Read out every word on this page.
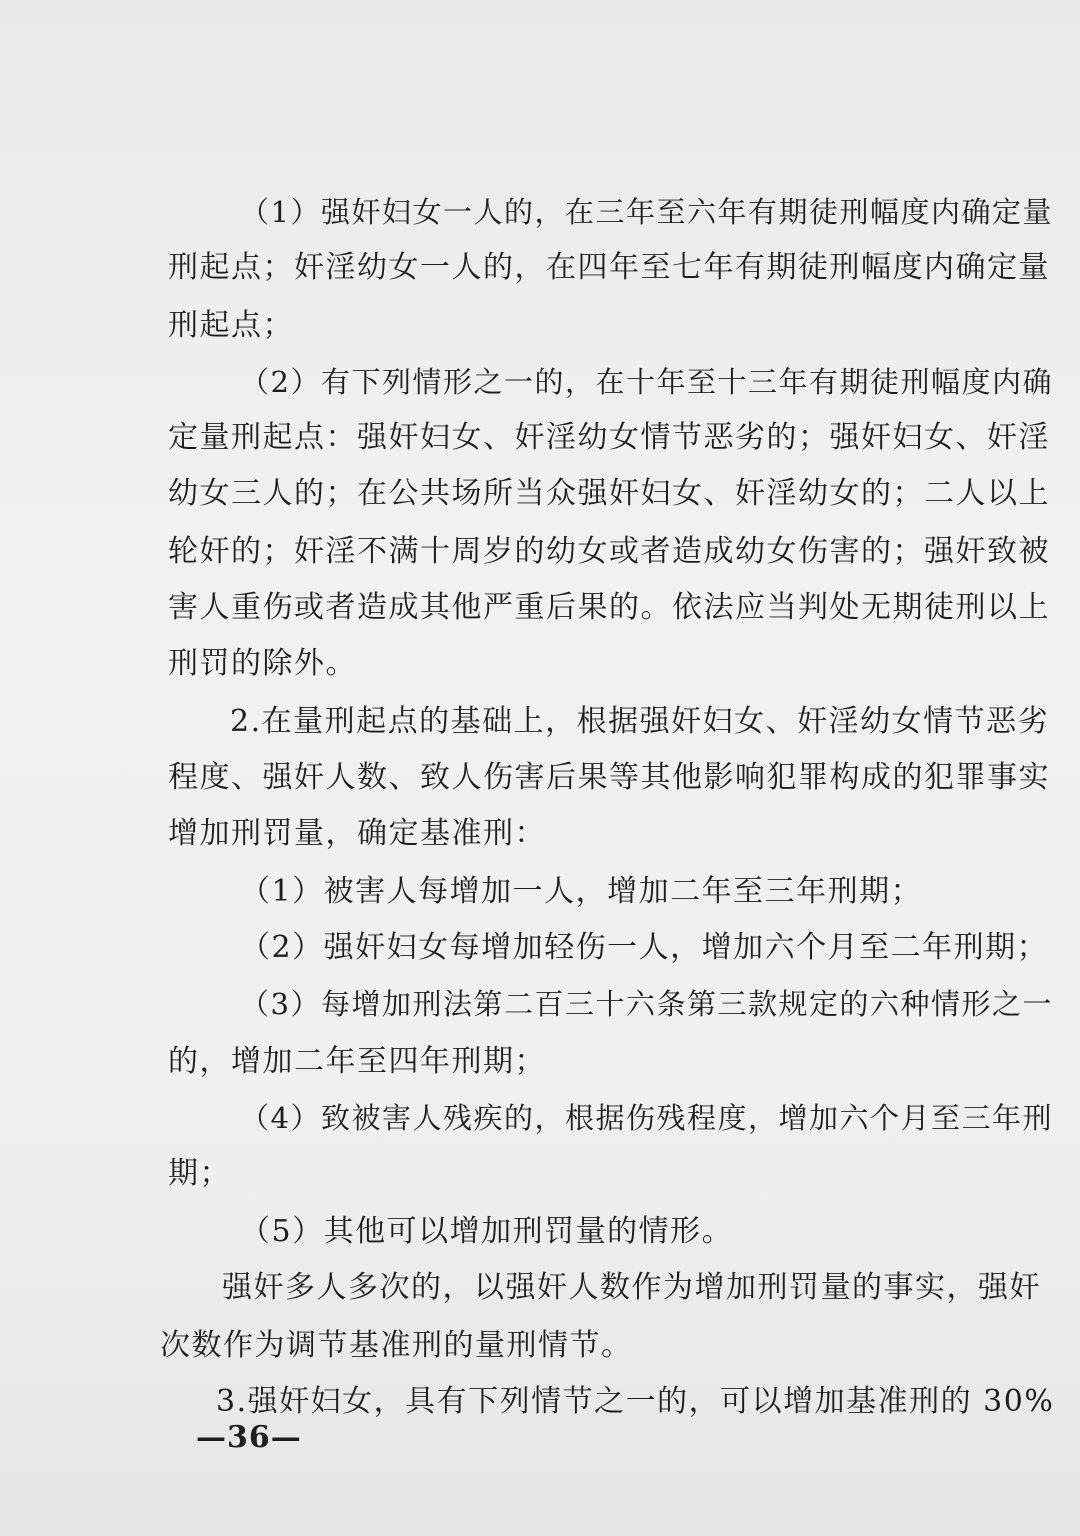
（1）强奸妇女一人的，在三年至六年有期徒刑幅度内确定量
刑起点；奸淫幼女一人的，在四年至七年有期徒刑幅度内确定量
刑起点；
（2）有下列情形之一的，在十年至十三年有期徒刑幅度内确
定量刑起点：强奸妇女、奸淫幼女情节恶劣的；强奸妇女、奸淫
幼女三人的；在公共场所当众强奸妇女、奸淫幼女的；二人以上
轮奸的；奸淫不满十周岁的幼女或者造成幼女伤害的；强奸致被
害人重伤或者造成其他严重后果的。依法应当判处无期徒刑以上
刑罚的除外。
2.在量刑起点的基础上，根据强奸妇女、奸淫幼女情节恶劣
程度、强奸人数、致人伤害后果等其他影响犯罪构成的犯罪事实
增加刑罚量，确定基准刑：
（1）被害人每增加一人，增加二年至三年刑期；
（2）强奸妇女每增加轻伤一人，增加六个月至二年刑期；
（3）每增加刑法第二百三十六条第三款规定的六种情形之一
的，增加二年至四年刑期；
（4）致被害人残疾的，根据伤残程度，增加六个月至三年刑
期；
（5）其他可以增加刑罚量的情形。
强奸多人多次的，以强奸人数作为增加刑罚量的事实，强奸
次数作为调节基准刑的量刑情节。
3.强奸妇女，具有下列情节之一的，可以增加基准刑的 30%
—36—
